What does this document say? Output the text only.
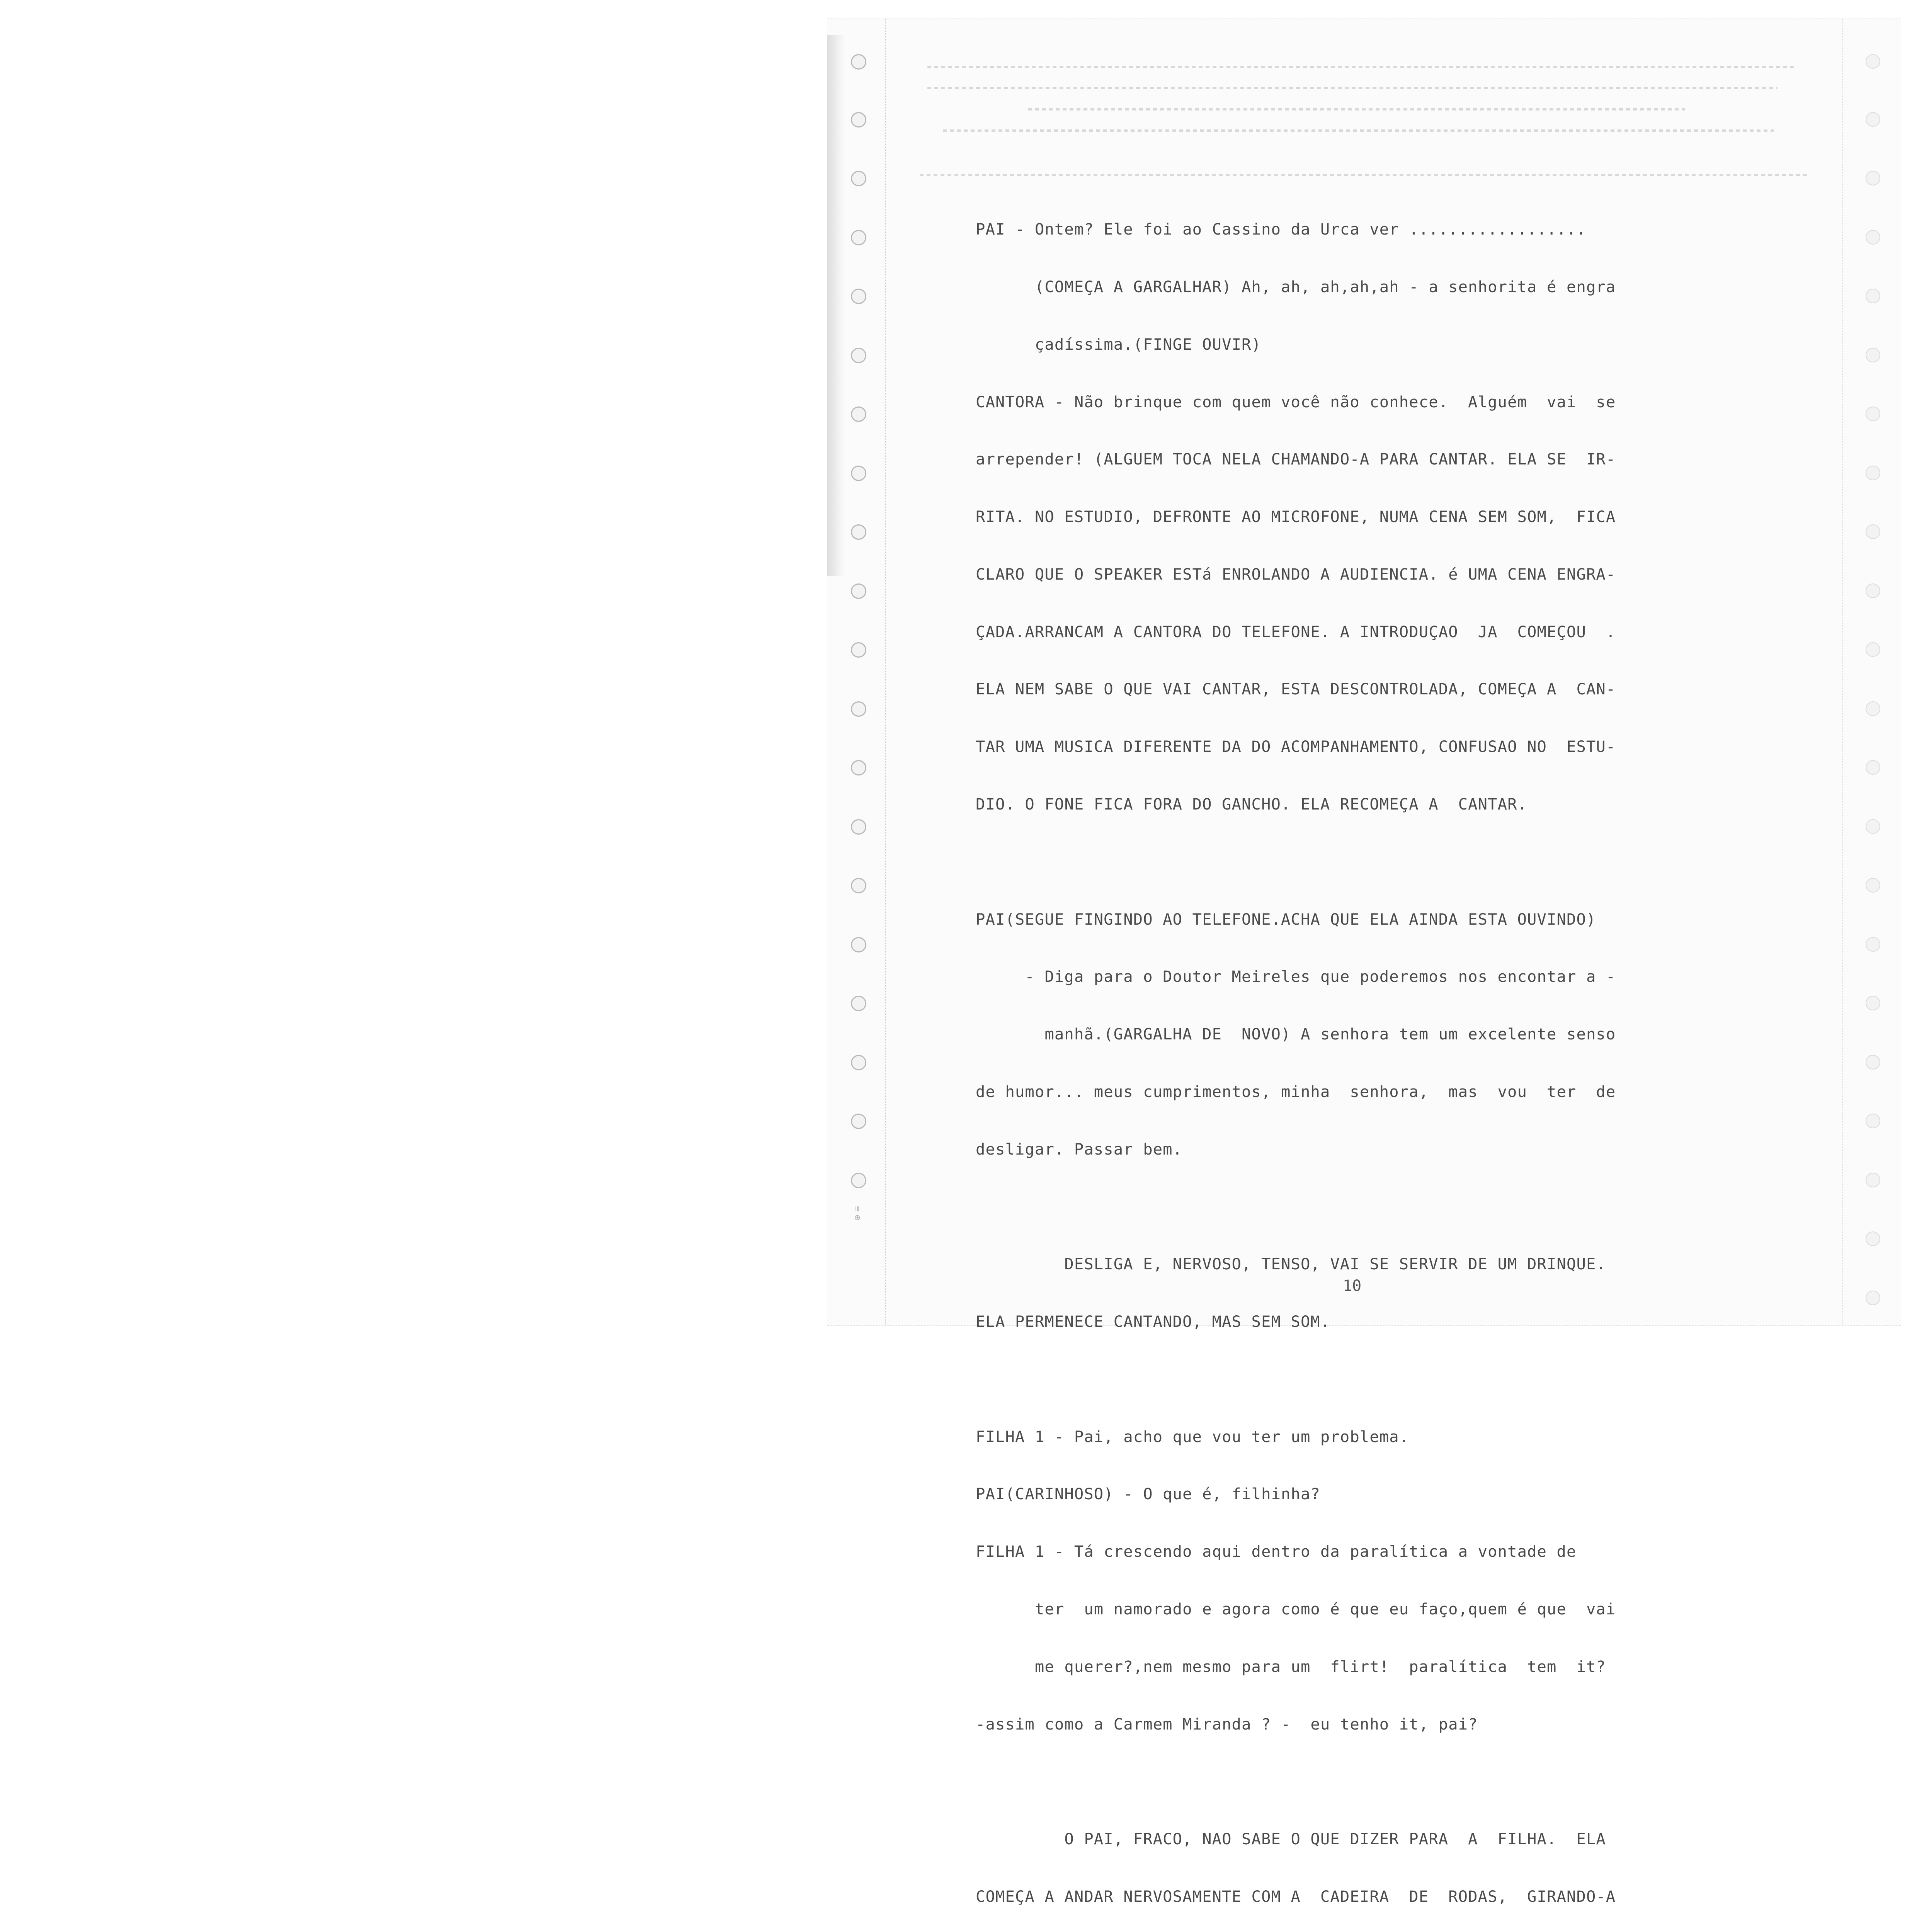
⊕ ≡

PAI - Ontem? Ele foi ao Cassino da Urca ver ..................

(COMEÇA A GARGALHAR) Ah, ah, ah,ah,ah - a senhorita é engra

çadíssima.(FINGE OUVIR)

CANTORA - Não brinque com quem você não conhece.  Alguém  vai  se

arrepender! (ALGUEM TOCA NELA CHAMANDO-A PARA CANTAR. ELA SE  IR-

RITA. NO ESTUDIO, DEFRONTE AO MICROFONE, NUMA CENA SEM SOM,  FICA

CLARO QUE O SPEAKER ESTá ENROLANDO A AUDIENCIA. é UMA CENA ENGRA-

ÇADA.ARRANCAM A CANTORA DO TELEFONE. A INTRODUÇAO  JA  COMEÇOU  .

ELA NEM SABE O QUE VAI CANTAR, ESTA DESCONTROLADA, COMEÇA A  CAN-

TAR UMA MUSICA DIFERENTE DA DO ACOMPANHAMENTO, CONFUSAO NO  ESTU-

DIO. O FONE FICA FORA DO GANCHO. ELA RECOMEÇA A  CANTAR.

PAI(SEGUE FINGINDO AO TELEFONE.ACHA QUE ELA AINDA ESTA OUVINDO)

- Diga para o Doutor Meireles que poderemos nos encontar a -

manhã.(GARGALHA DE  NOVO) A senhora tem um excelente senso

de humor... meus cumprimentos, minha  senhora,  mas  vou  ter  de

desligar. Passar bem.

DESLIGA E, NERVOSO, TENSO, VAI SE SERVIR DE UM DRINQUE.

ELA PERMENECE CANTANDO, MAS SEM SOM.

FILHA 1 - Pai, acho que vou ter um problema.

PAI(CARINHOSO) - O que é, filhinha?

FILHA 1 - Tá crescendo aqui dentro da paralítica a vontade de

ter  um namorado e agora como é que eu faço,quem é que  vai

me querer?,nem mesmo para um  flirt!  paralítica  tem  it?

-assim como a Carmem Miranda ? -  eu tenho it, pai?

O PAI, FRACO, NAO SABE O QUE DIZER PARA  A  FILHA.  ELA

COMEÇA A ANDAR NERVOSAMENTE COM A  CADEIRA  DE  RODAS,  GIRANDO-A

10
